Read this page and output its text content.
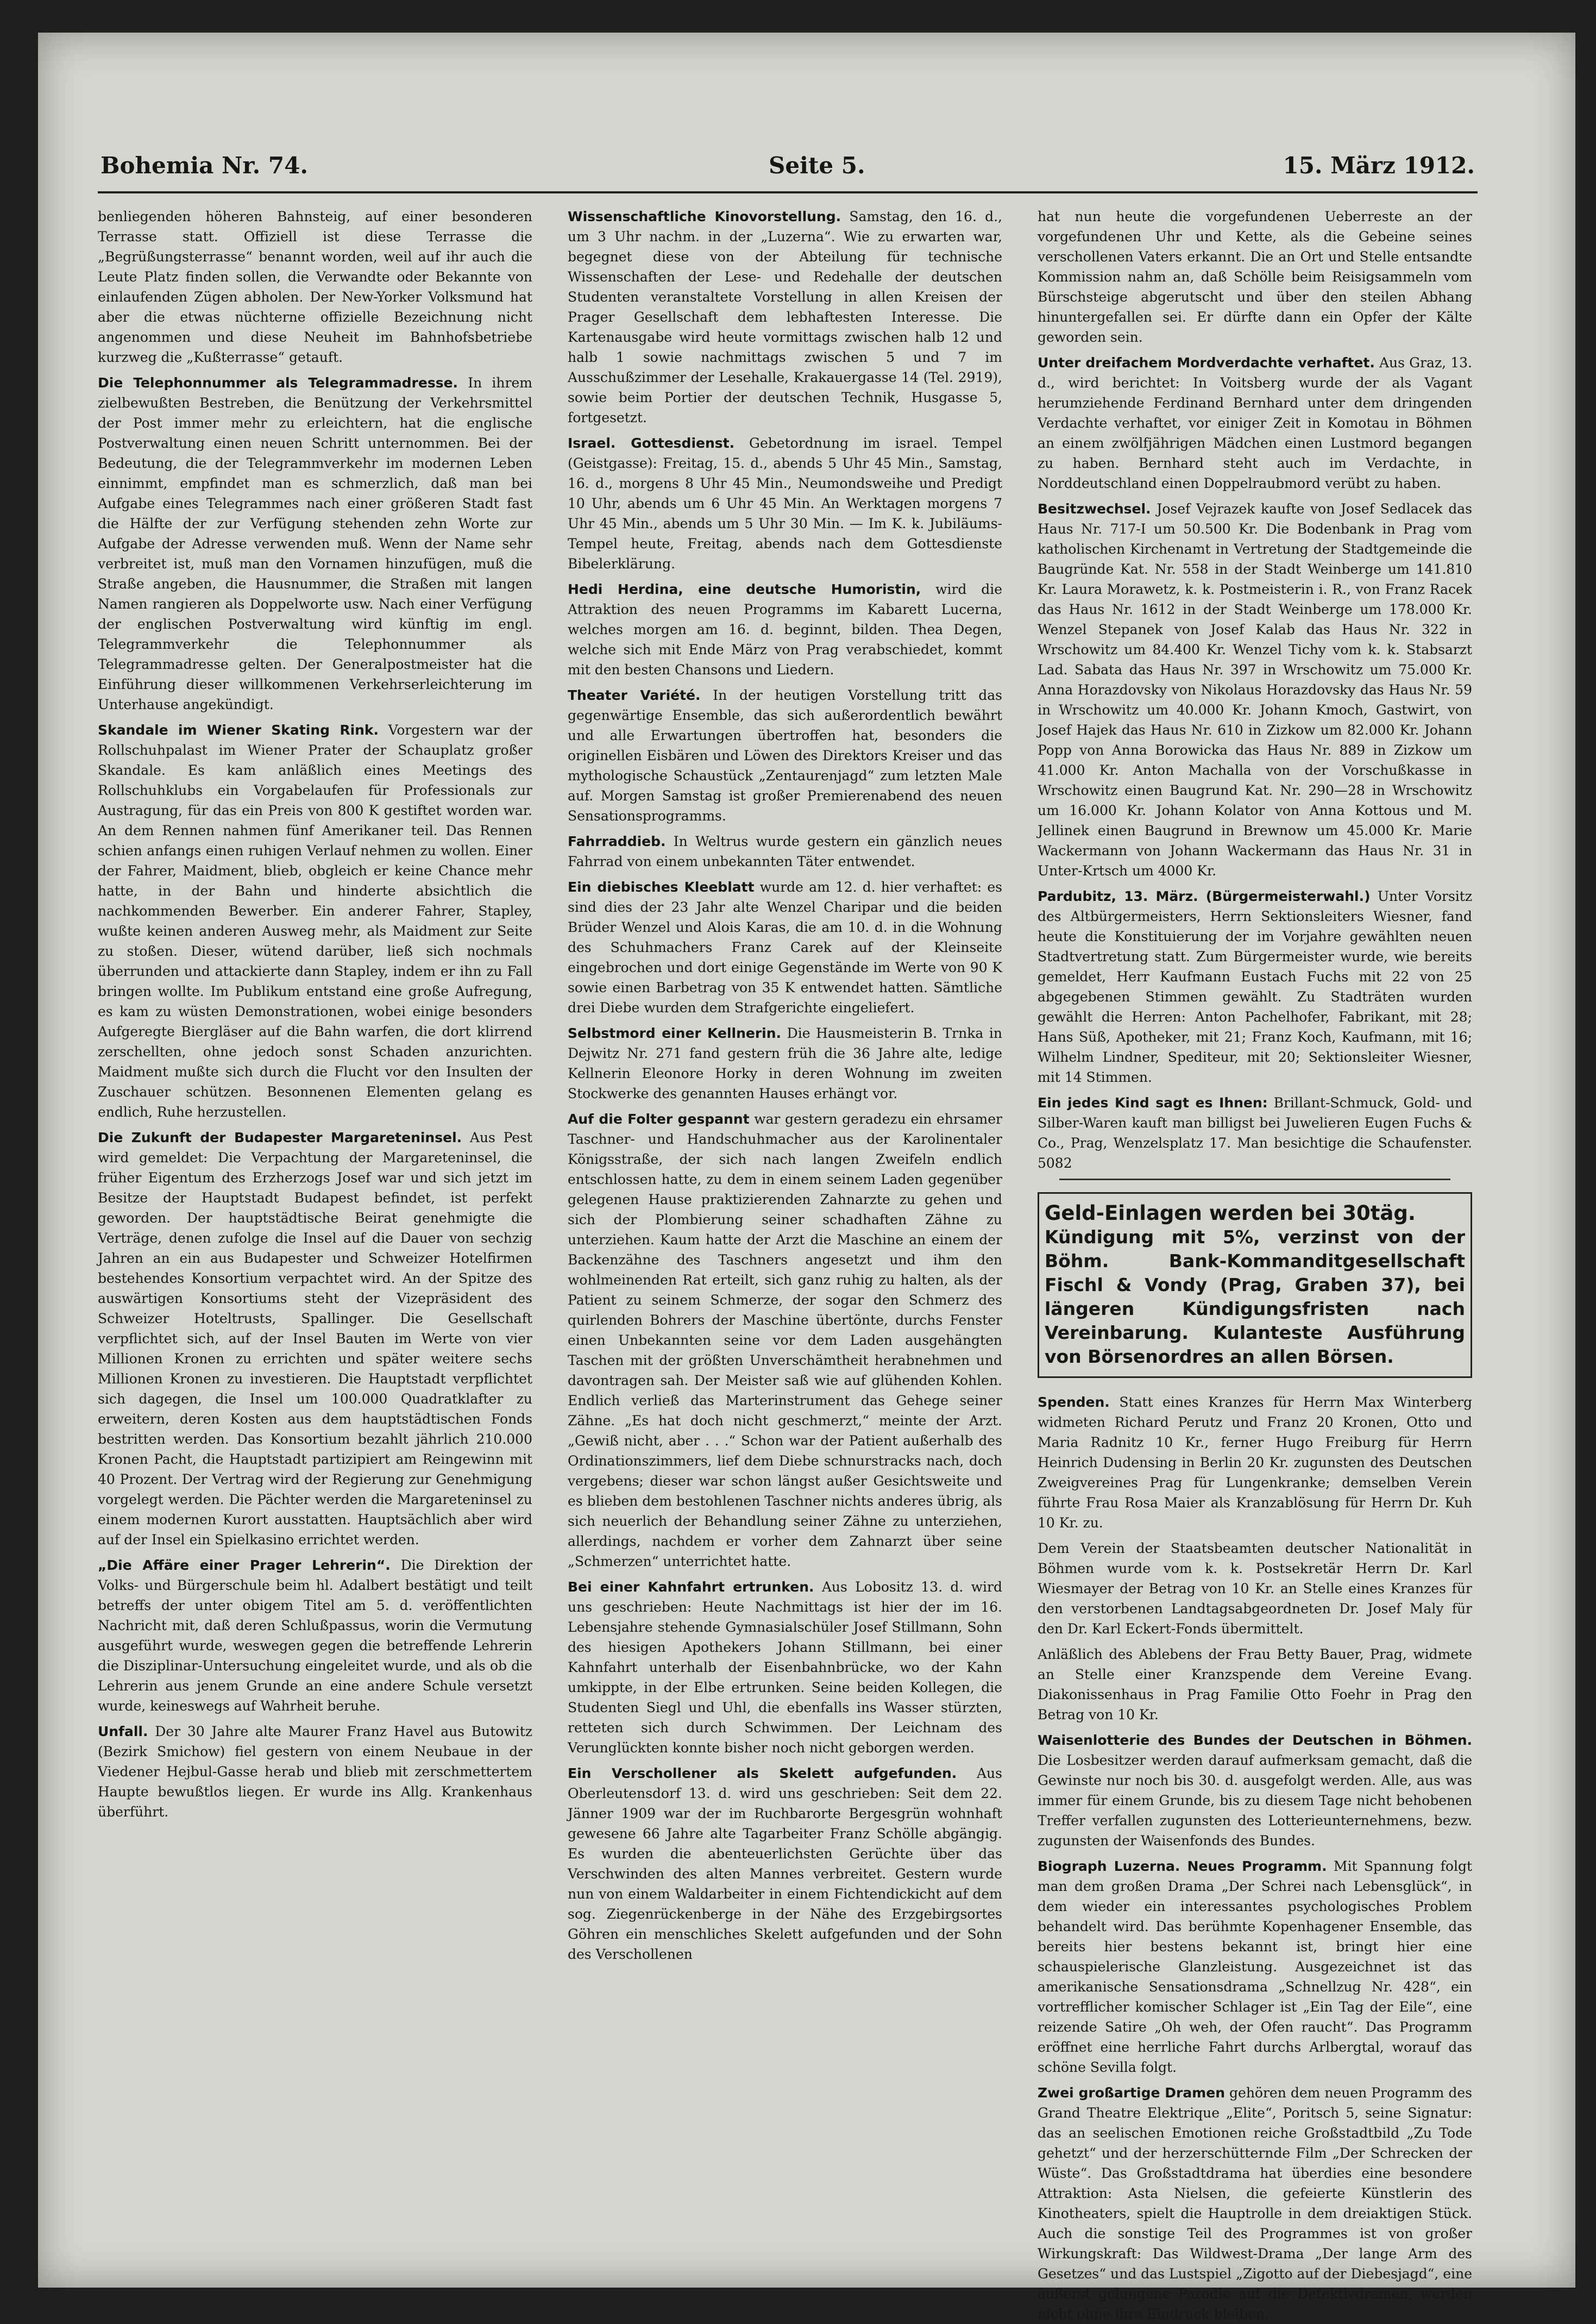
Bohemia Nr. 74.	Seite 5.	15. März 1912.

benliegenden höheren Bahnsteig, auf einer besonderen Terrasse statt. Offiziell ist diese Terrasse die „Begrüßungsterrasse“ benannt worden, weil auf ihr auch die Leute Platz finden sollen, die Verwandte oder Bekannte von einlaufenden Zügen abholen. Der New-Yorker Volksmund hat aber die etwas nüchterne offizielle Bezeichnung nicht angenommen und diese Neuheit im Bahnhofsbetriebe kurzweg die „Kußterrasse“ getauft.

Die Telephonnummer als Telegrammadresse. In ihrem zielbewußten Bestreben, die Benützung der Verkehrsmittel der Post immer mehr zu erleichtern, hat die englische Postverwaltung einen neuen Schritt unternommen. Bei der Bedeutung, die der Telegrammverkehr im modernen Leben einnimmt, empfindet man es schmerzlich, daß man bei Aufgabe eines Telegrammes nach einer größeren Stadt fast die Hälfte der zur Verfügung stehenden zehn Worte zur Aufgabe der Adresse verwenden muß. Wenn der Name sehr verbreitet ist, muß man den Vornamen hinzufügen, muß die Straße angeben, die Hausnummer, die Straßen mit langen Namen rangieren als Doppelworte usw. Nach einer Verfügung der englischen Postverwaltung wird künftig im engl. Telegrammverkehr die Telephonnummer als Telegrammadresse gelten. Der Generalpostmeister hat die Einführung dieser willkommenen Verkehrserleichterung im Unterhause angekündigt.

Skandale im Wiener Skating Rink. Vorgestern war der Rollschuhpalast im Wiener Prater der Schauplatz großer Skandale. Es kam anläßlich eines Meetings des Rollschuhklubs ein Vorgabelaufen für Professionals zur Austragung, für das ein Preis von 800 K gestiftet worden war. An dem Rennen nahmen fünf Amerikaner teil. Das Rennen schien anfangs einen ruhigen Verlauf nehmen zu wollen. Einer der Fahrer, Maidment, blieb, obgleich er keine Chance mehr hatte, in der Bahn und hinderte absichtlich die nachkommenden Bewerber. Ein anderer Fahrer, Stapley, wußte keinen anderen Ausweg mehr, als Maidment zur Seite zu stoßen. Dieser, wütend darüber, ließ sich nochmals überrunden und attackierte dann Stapley, indem er ihn zu Fall bringen wollte. Im Publikum entstand eine große Aufregung, es kam zu wüsten Demonstrationen, wobei einige besonders Aufgeregte Biergläser auf die Bahn warfen, die dort klirrend zerschellten, ohne jedoch sonst Schaden anzurichten. Maidment mußte sich durch die Flucht vor den Insulten der Zuschauer schützen. Besonnenen Elementen gelang es endlich, Ruhe herzustellen.

Die Zukunft der Budapester Margareteninsel. Aus Pest wird gemeldet: Die Verpachtung der Margareteninsel, die früher Eigentum des Erzherzogs Josef war und sich jetzt im Besitze der Hauptstadt Budapest befindet, ist perfekt geworden. Der hauptstädtische Beirat genehmigte die Verträge, denen zufolge die Insel auf die Dauer von sechzig Jahren an ein aus Budapester und Schweizer Hotelfirmen bestehendes Konsortium verpachtet wird. An der Spitze des auswärtigen Konsortiums steht der Vizepräsident des Schweizer Hoteltrusts, Spallinger. Die Gesellschaft verpflichtet sich, auf der Insel Bauten im Werte von vier Millionen Kronen zu errichten und später weitere sechs Millionen Kronen zu investieren. Die Hauptstadt verpflichtet sich dagegen, die Insel um 100.000 Quadratklafter zu erweitern, deren Kosten aus dem hauptstädtischen Fonds bestritten werden. Das Konsortium bezahlt jährlich 210.000 Kronen Pacht, die Hauptstadt partizipiert am Reingewinn mit 40 Prozent. Der Vertrag wird der Regierung zur Genehmigung vorgelegt werden. Die Pächter werden die Margareteninsel zu einem modernen Kurort ausstatten. Hauptsächlich aber wird auf der Insel ein Spielkasino errichtet werden.

„Die Affäre einer Prager Lehrerin“. Die Direktion der Volks- und Bürgerschule beim hl. Adalbert bestätigt und teilt betreffs der unter obigem Titel am 5. d. veröffentlichten Nachricht mit, daß deren Schlußpassus, worin die Vermutung ausgeführt wurde, weswegen gegen die betreffende Lehrerin die Disziplinar-Untersuchung eingeleitet wurde, und als ob die Lehrerin aus jenem Grunde an eine andere Schule versetzt wurde, keineswegs auf Wahrheit beruhe.

Unfall. Der 30 Jahre alte Maurer Franz Havel aus Butowitz (Bezirk Smichow) fiel gestern von einem Neubaue in der Viedener Hejbul-Gasse herab und blieb mit zerschmettertem Haupte bewußtlos liegen. Er wurde ins Allg. Krankenhaus überführt.

Wissenschaftliche Kinovorstellung. Samstag, den 16. d., um 3 Uhr nachm. in der „Luzerna“. Wie zu erwarten war, begegnet diese von der Abteilung für technische Wissenschaften der Lese- und Redehalle der deutschen Studenten veranstaltete Vorstellung in allen Kreisen der Prager Gesellschaft dem lebhaftesten Interesse. Die Kartenausgabe wird heute vormittags zwischen halb 12 und halb 1 sowie nachmittags zwischen 5 und 7 im Ausschußzimmer der Lesehalle, Krakauergasse 14 (Tel. 2919), sowie beim Portier der deutschen Technik, Husgasse 5, fortgesetzt.

Israel. Gottesdienst. Gebetordnung im israel. Tempel (Geistgasse): Freitag, 15. d., abends 5 Uhr 45 Min., Samstag, 16. d., morgens 8 Uhr 45 Min., Neumondsweihe und Predigt 10 Uhr, abends um 6 Uhr 45 Min. An Werktagen morgens 7 Uhr 45 Min., abends um 5 Uhr 30 Min. — Im K. k. Jubiläums-Tempel heute, Freitag, abends nach dem Gottesdienste Bibelerklärung.

Hedi Herdina, eine deutsche Humoristin, wird die Attraktion des neuen Programms im Kabarett Lucerna, welches morgen am 16. d. beginnt, bilden. Thea Degen, welche sich mit Ende März von Prag verabschiedet, kommt mit den besten Chansons und Liedern.

Theater Variété. In der heutigen Vorstellung tritt das gegenwärtige Ensemble, das sich außerordentlich bewährt und alle Erwartungen übertroffen hat, besonders die originellen Eisbären und Löwen des Direktors Kreiser und das mythologische Schaustück „Zentaurenjagd“ zum letzten Male auf. Morgen Samstag ist großer Premierenabend des neuen Sensationsprogramms.

Fahrraddieb. In Weltrus wurde gestern ein gänzlich neues Fahrrad von einem unbekannten Täter entwendet.

Ein diebisches Kleeblatt wurde am 12. d. hier verhaftet: es sind dies der 23 Jahr alte Wenzel Charipar und die beiden Brüder Wenzel und Alois Karas, die am 10. d. in die Wohnung des Schuhmachers Franz Carek auf der Kleinseite eingebrochen und dort einige Gegenstände im Werte von 90 K sowie einen Barbetrag von 35 K entwendet hatten. Sämtliche drei Diebe wurden dem Strafgerichte eingeliefert.

Selbstmord einer Kellnerin. Die Hausmeisterin B. Trnka in Dejwitz Nr. 271 fand gestern früh die 36 Jahre alte, ledige Kellnerin Eleonore Horky in deren Wohnung im zweiten Stockwerke des genannten Hauses erhängt vor.

Auf die Folter gespannt war gestern geradezu ein ehrsamer Taschner- und Handschuhmacher aus der Karolinentaler Königsstraße, der sich nach langen Zweifeln endlich entschlossen hatte, zu dem in einem seinem Laden gegenüber gelegenen Hause praktizierenden Zahnarzte zu gehen und sich der Plombierung seiner schadhaften Zähne zu unterziehen. Kaum hatte der Arzt die Maschine an einem der Backenzähne des Taschners angesetzt und ihm den wohlmeinenden Rat erteilt, sich ganz ruhig zu halten, als der Patient zu seinem Schmerze, der sogar den Schmerz des quirlenden Bohrers der Maschine übertönte, durchs Fenster einen Unbekannten seine vor dem Laden ausgehängten Taschen mit der größten Unverschämtheit herabnehmen und davontragen sah. Der Meister saß wie auf glühenden Kohlen. Endlich verließ das Marterinstrument das Gehege seiner Zähne. „Es hat doch nicht geschmerzt,“ meinte der Arzt. „Gewiß nicht, aber . . .“ Schon war der Patient außerhalb des Ordinationszimmers, lief dem Diebe schnurstracks nach, doch vergebens; dieser war schon längst außer Gesichtsweite und es blieben dem bestohlenen Taschner nichts anderes übrig, als sich neuerlich der Behandlung seiner Zähne zu unterziehen, allerdings, nachdem er vorher dem Zahnarzt über seine „Schmerzen“ unterrichtet hatte.

Bei einer Kahnfahrt ertrunken. Aus Lobositz 13. d. wird uns geschrieben: Heute Nachmittags ist hier der im 16. Lebensjahre stehende Gymnasialschüler Josef Stillmann, Sohn des hiesigen Apothekers Johann Stillmann, bei einer Kahnfahrt unterhalb der Eisenbahnbrücke, wo der Kahn umkippte, in der Elbe ertrunken. Seine beiden Kollegen, die Studenten Siegl und Uhl, die ebenfalls ins Wasser stürzten, retteten sich durch Schwimmen. Der Leichnam des Verunglückten konnte bisher noch nicht geborgen werden.

Ein Verschollener als Skelett aufgefunden. Aus Oberleutensdorf 13. d. wird uns geschrieben: Seit dem 22. Jänner 1909 war der im Ruchbarorte Bergesgrün wohnhaft gewesene 66 Jahre alte Tagarbeiter Franz Schölle abgängig. Es wurden die abenteuerlichsten Gerüchte über das Verschwinden des alten Mannes verbreitet. Gestern wurde nun von einem Waldarbeiter in einem Fichtendickicht auf dem sog. Ziegenrückenberge in der Nähe des Erzgebirgsortes Göhren ein menschliches Skelett aufgefunden und der Sohn des Verschollenen

hat nun heute die vorgefundenen Ueberreste an der vorgefundenen Uhr und Kette, als die Gebeine seines verschollenen Vaters erkannt. Die an Ort und Stelle entsandte Kommission nahm an, daß Schölle beim Reisigsammeln vom Bürschsteige abgerutscht und über den steilen Abhang hinuntergefallen sei. Er dürfte dann ein Opfer der Kälte geworden sein.

Unter dreifachem Mordverdachte verhaftet. Aus Graz, 13. d., wird berichtet: In Voitsberg wurde der als Vagant herumziehende Ferdinand Bernhard unter dem dringenden Verdachte verhaftet, vor einiger Zeit in Komotau in Böhmen an einem zwölfjährigen Mädchen einen Lustmord begangen zu haben. Bernhard steht auch im Verdachte, in Norddeutschland einen Doppelraubmord verübt zu haben.

Besitzwechsel. Josef Vejrazek kaufte von Josef Sedlacek das Haus Nr. 717-I um 50.500 Kr. Die Bodenbank in Prag vom katholischen Kirchenamt in Vertretung der Stadtgemeinde die Baugründe Kat. Nr. 558 in der Stadt Weinberge um 141.810 Kr. Laura Morawetz, k. k. Postmeisterin i. R., von Franz Racek das Haus Nr. 1612 in der Stadt Weinberge um 178.000 Kr. Wenzel Stepanek von Josef Kalab das Haus Nr. 322 in Wrschowitz um 84.400 Kr. Wenzel Tichy vom k. k. Stabsarzt Lad. Sabata das Haus Nr. 397 in Wrschowitz um 75.000 Kr. Anna Horazdovsky von Nikolaus Horazdovsky das Haus Nr. 59 in Wrschowitz um 40.000 Kr. Johann Kmoch, Gastwirt, von Josef Hajek das Haus Nr. 610 in Zizkow um 82.000 Kr. Johann Popp von Anna Borowicka das Haus Nr. 889 in Zizkow um 41.000 Kr. Anton Machalla von der Vorschußkasse in Wrschowitz einen Baugrund Kat. Nr. 290—28 in Wrschowitz um 16.000 Kr. Johann Kolator von Anna Kottous und M. Jellinek einen Baugrund in Brewnow um 45.000 Kr. Marie Wackermann von Johann Wackermann das Haus Nr. 31 in Unter-Krtsch um 4000 Kr.

Pardubitz, 13. März. (Bürgermeisterwahl.) Unter Vorsitz des Altbürgermeisters, Herrn Sektionsleiters Wiesner, fand heute die Konstituierung der im Vorjahre gewählten neuen Stadtvertretung statt. Zum Bürgermeister wurde, wie bereits gemeldet, Herr Kaufmann Eustach Fuchs mit 22 von 25 abgegebenen Stimmen gewählt. Zu Stadträten wurden gewählt die Herren: Anton Pachelhofer, Fabrikant, mit 28; Hans Süß, Apotheker, mit 21; Franz Koch, Kaufmann, mit 16; Wilhelm Lindner, Spediteur, mit 20; Sektionsleiter Wiesner, mit 14 Stimmen.

Ein jedes Kind sagt es Ihnen: Brillant-Schmuck, Gold- und Silber-Waren kauft man billigst bei Juwelieren Eugen Fuchs & Co., Prag, Wenzelsplatz 17. Man besichtige die Schaufenster. 5082

Geld-Einlagen werden bei 30täg.
Kündigung mit 5%, verzinst von der Böhm. Bank-Kommanditgesellschaft Fischl & Vondy (Prag, Graben 37), bei längeren Kündigungsfristen nach Vereinbarung. Kulanteste Ausführung von Börsenordres an allen Börsen.

Spenden. Statt eines Kranzes für Herrn Max Winterberg widmeten Richard Perutz und Franz 20 Kronen, Otto und Maria Radnitz 10 Kr., ferner Hugo Freiburg für Herrn Heinrich Dudensing in Berlin 20 Kr. zugunsten des Deutschen Zweigvereines Prag für Lungenkranke; demselben Verein führte Frau Rosa Maier als Kranzablösung für Herrn Dr. Kuh 10 Kr. zu.

Dem Verein der Staatsbeamten deutscher Nationalität in Böhmen wurde vom k. k. Postsekretär Herrn Dr. Karl Wiesmayer der Betrag von 10 Kr. an Stelle eines Kranzes für den verstorbenen Landtagsabgeordneten Dr. Josef Maly für den Dr. Karl Eckert-Fonds übermittelt.

Anläßlich des Ablebens der Frau Betty Bauer, Prag, widmete an Stelle einer Kranzspende dem Vereine Evang. Diakonissenhaus in Prag Familie Otto Foehr in Prag den Betrag von 10 Kr.

Waisenlotterie des Bundes der Deutschen in Böhmen. Die Losbesitzer werden darauf aufmerksam gemacht, daß die Gewinste nur noch bis 30. d. ausgefolgt werden. Alle, aus was immer für einem Grunde, bis zu diesem Tage nicht behobenen Treffer verfallen zugunsten des Lotterieunternehmens, bezw. zugunsten der Waisenfonds des Bundes.

Biograph Luzerna. Neues Programm. Mit Spannung folgt man dem großen Drama „Der Schrei nach Lebensglück“, in dem wieder ein interessantes psychologisches Problem behandelt wird. Das berühmte Kopenhagener Ensemble, das bereits hier bestens bekannt ist, bringt hier eine schauspielerische Glanzleistung. Ausgezeichnet ist das amerikanische Sensationsdrama „Schnellzug Nr. 428“, ein vortrefflicher komischer Schlager ist „Ein Tag der Eile“, eine reizende Satire „Oh weh, der Ofen raucht“. Das Programm eröffnet eine herrliche Fahrt durchs Arlbergtal, worauf das schöne Sevilla folgt.

Zwei großartige Dramen gehören dem neuen Programm des Grand Theatre Elektrique „Elite“, Poritsch 5, seine Signatur: das an seelischen Emotionen reiche Großstadtbild „Zu Tode gehetzt“ und der herzerschütternde Film „Der Schrecken der Wüste“. Das Großstadtdrama hat überdies eine besondere Attraktion: Asta Nielsen, die gefeierte Künstlerin des Kinotheaters, spielt die Hauptrolle in dem dreiaktigen Stück. Auch die sonstige Teil des Programmes ist von großer Wirkungskraft: Das Wildwest-Drama „Der lange Arm des Gesetzes“ und das Lustspiel „Zigotto auf der Diebesjagd“, eine äußerst gelungene Parodie auf die Detektivdramen, werden nicht ohne ihre Eindruck bleiben.
